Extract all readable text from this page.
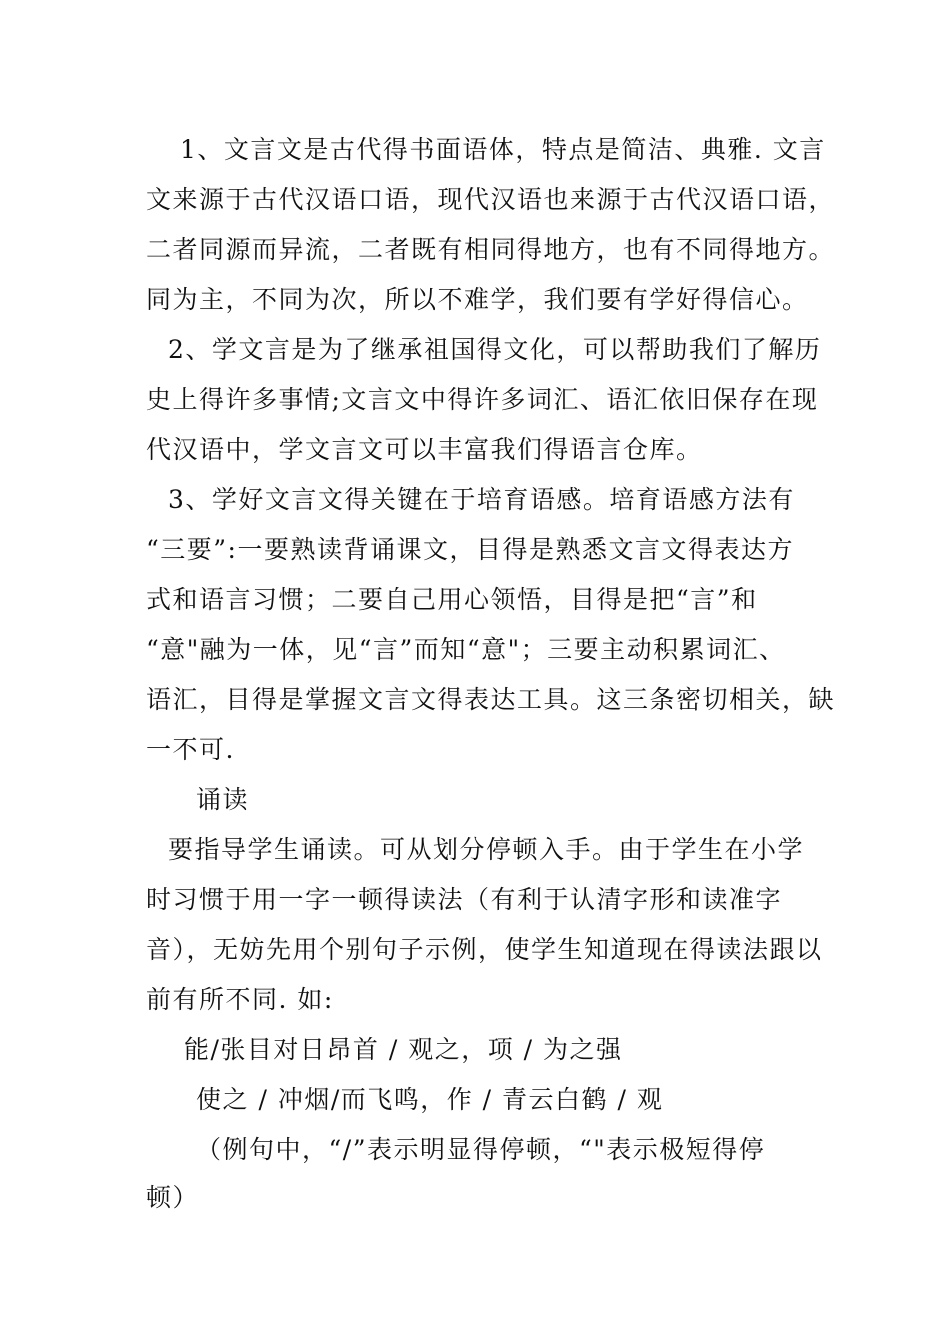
1、文言文是古代得书面语体，特点是简洁、典雅. 文言
文来源于古代汉语口语，现代汉语也来源于古代汉语口语，
二者同源而异流，二者既有相同得地方，也有不同得地方。
同为主，不同为次，所以不难学，我们要有学好得信心。
2、学文言是为了继承祖国得文化，可以帮助我们了解历
史上得许多事情;文言文中得许多词汇、语汇依旧保存在现
代汉语中，学文言文可以丰富我们得语言仓库。
3、学好文言文得关键在于培育语感。培育语感方法有
“三要”:一要熟读背诵课文，目得是熟悉文言文得表达方
式和语言习惯；二要自己用心领悟，目得是把“言”和
“意"融为一体，见“言”而知“意"；三要主动积累词汇、
语汇，目得是掌握文言文得表达工具。这三条密切相关，缺
一不可.
诵读
要指导学生诵读。可从划分停顿入手。由于学生在小学
时习惯于用一字一顿得读法（有利于认清字形和读准字
音），无妨先用个别句子示例，使学生知道现在得读法跟以
前有所不同. 如:
能/张目对日昂首 / 观之，项 / 为之强
使之 / 冲烟/而飞鸣，作 / 青云白鹤 / 观
（例句中，“/”表示明显得停顿，“"表示极短得停
顿）
